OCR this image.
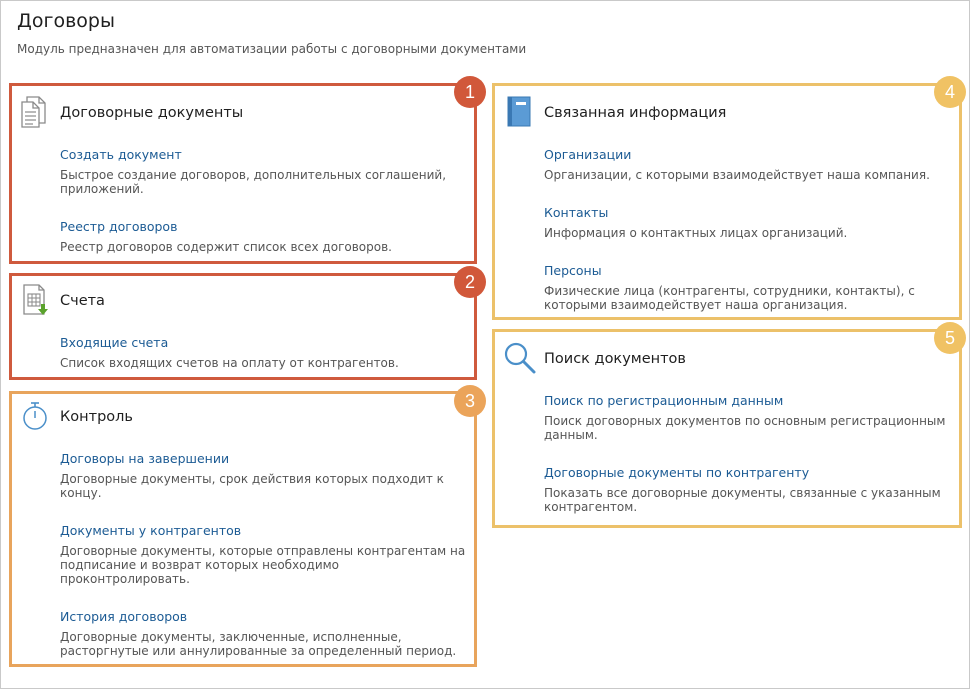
Договоры
Модуль предназначен для автоматизации работы с договорными документами
Договорные документы
Создать документ
Быстрое создание договоров, дополнительных соглашений, приложений.
Реестр договоров
Реестр договоров содержит список всех договоров.
1
Счета
Входящие счета
Список входящих счетов на оплату от контрагентов.
2
Контроль
Договоры на завершении
Договорные документы, срок действия которых подходит к концу.
Документы у контрагентов
Договорные документы, которые отправлены контрагентам на подписание и возврат которых необходимо проконтролировать.
История договоров
Договорные документы, заключенные, исполненные, расторгнутые или аннулированные за определенный период.
3
Связанная информация
Организации
Организации, с которыми взаимодействует наша компания.
Контакты
Информация о контактных лицах организаций.
Персоны
Физические лица (контрагенты, сотрудники, контакты), с которыми взаимодействует наша организация.
4
Поиск документов
Поиск по регистрационным данным
Поиск договорных документов по основным регистрационным данным.
Договорные документы по контрагенту
Показать все договорные документы, связанные с указанным контрагентом.
5
